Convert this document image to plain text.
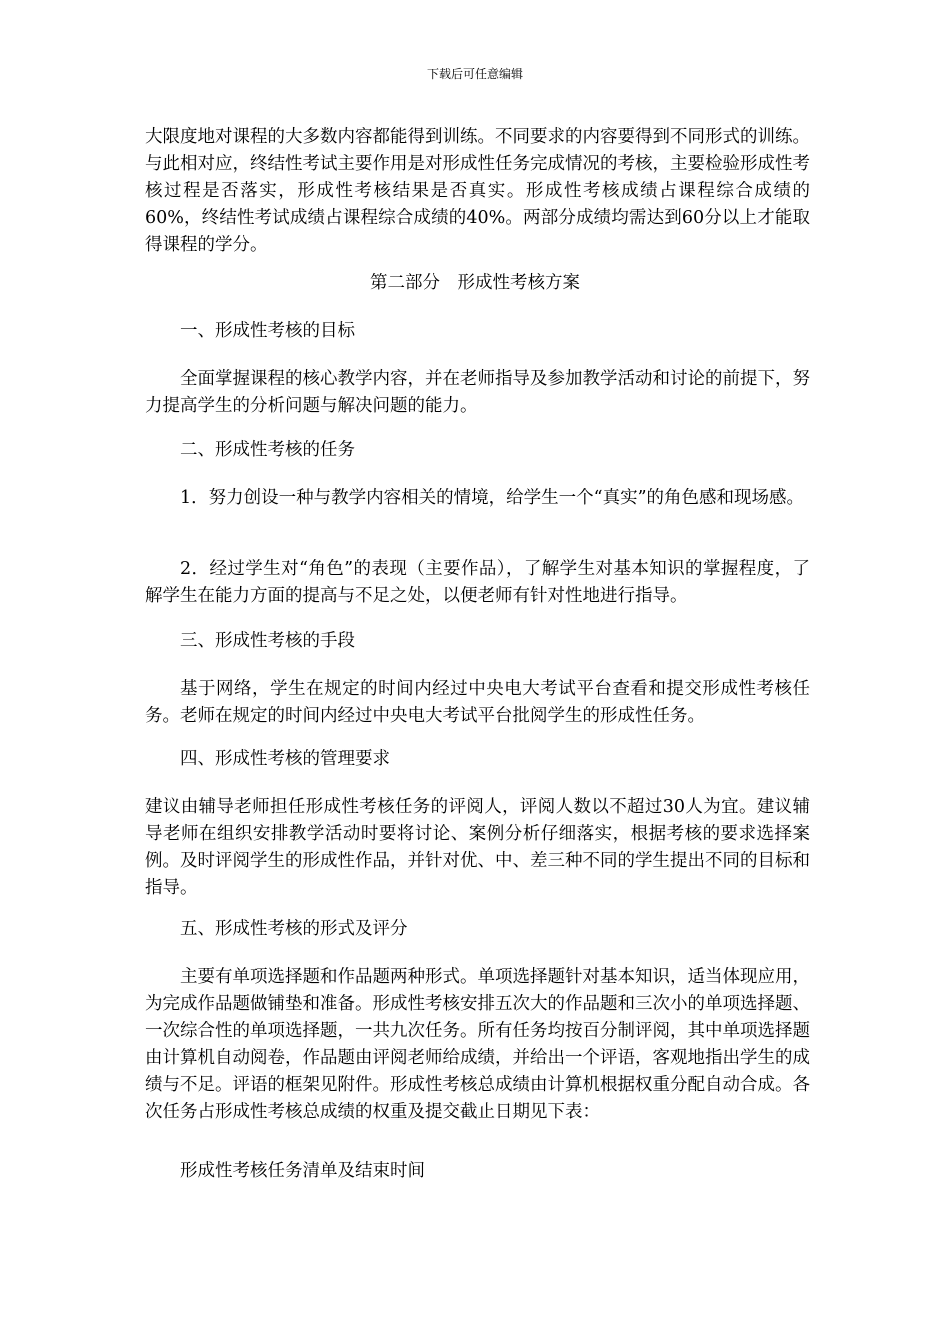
下载后可任意编辑

大限度地对课程的大多数内容都能得到训练。不同要求的内容要得到不同形式的训练。与此相对应，终结性考试主要作用是对形成性任务完成情况的考核，主要检验形成性考核过程是否落实，形成性考核结果是否真实。形成性考核成绩占课程综合成绩的60%，终结性考试成绩占课程综合成绩的40%。两部分成绩均需达到60分以上才能取得课程的学分。

第二部分　形成性考核方案
一、形成性考核的目标

全面掌握课程的核心教学内容，并在老师指导及参加教学活动和讨论的前提下，努力提高学生的分析问题与解决问题的能力。

二、形成性考核的任务

1．努力创设一种与教学内容相关的情境，给学生一个“真实”的角色感和现场感。

2．经过学生对“角色”的表现（主要作品），了解学生对基本知识的掌握程度，了解学生在能力方面的提高与不足之处，以便老师有针对性地进行指导。

三、形成性考核的手段

基于网络，学生在规定的时间内经过中央电大考试平台查看和提交形成性考核任务。老师在规定的时间内经过中央电大考试平台批阅学生的形成性任务。

四、形成性考核的管理要求

建议由辅导老师担任形成性考核任务的评阅人，评阅人数以不超过30人为宜。建议辅导老师在组织安排教学活动时要将讨论、案例分析仔细落实，根据考核的要求选择案例。及时评阅学生的形成性作品，并针对优、中、差三种不同的学生提出不同的目标和指导。

五、形成性考核的形式及评分

主要有单项选择题和作品题两种形式。单项选择题针对基本知识，适当体现应用，为完成作品题做铺垫和准备。形成性考核安排五次大的作品题和三次小的单项选择题、一次综合性的单项选择题，一共九次任务。所有任务均按百分制评阅，其中单项选择题由计算机自动阅卷，作品题由评阅老师给成绩，并给出一个评语，客观地指出学生的成绩与不足。评语的框架见附件。形成性考核总成绩由计算机根据权重分配自动合成。各次任务占形成性考核总成绩的权重及提交截止日期见下表：

形成性考核任务清单及结束时间
